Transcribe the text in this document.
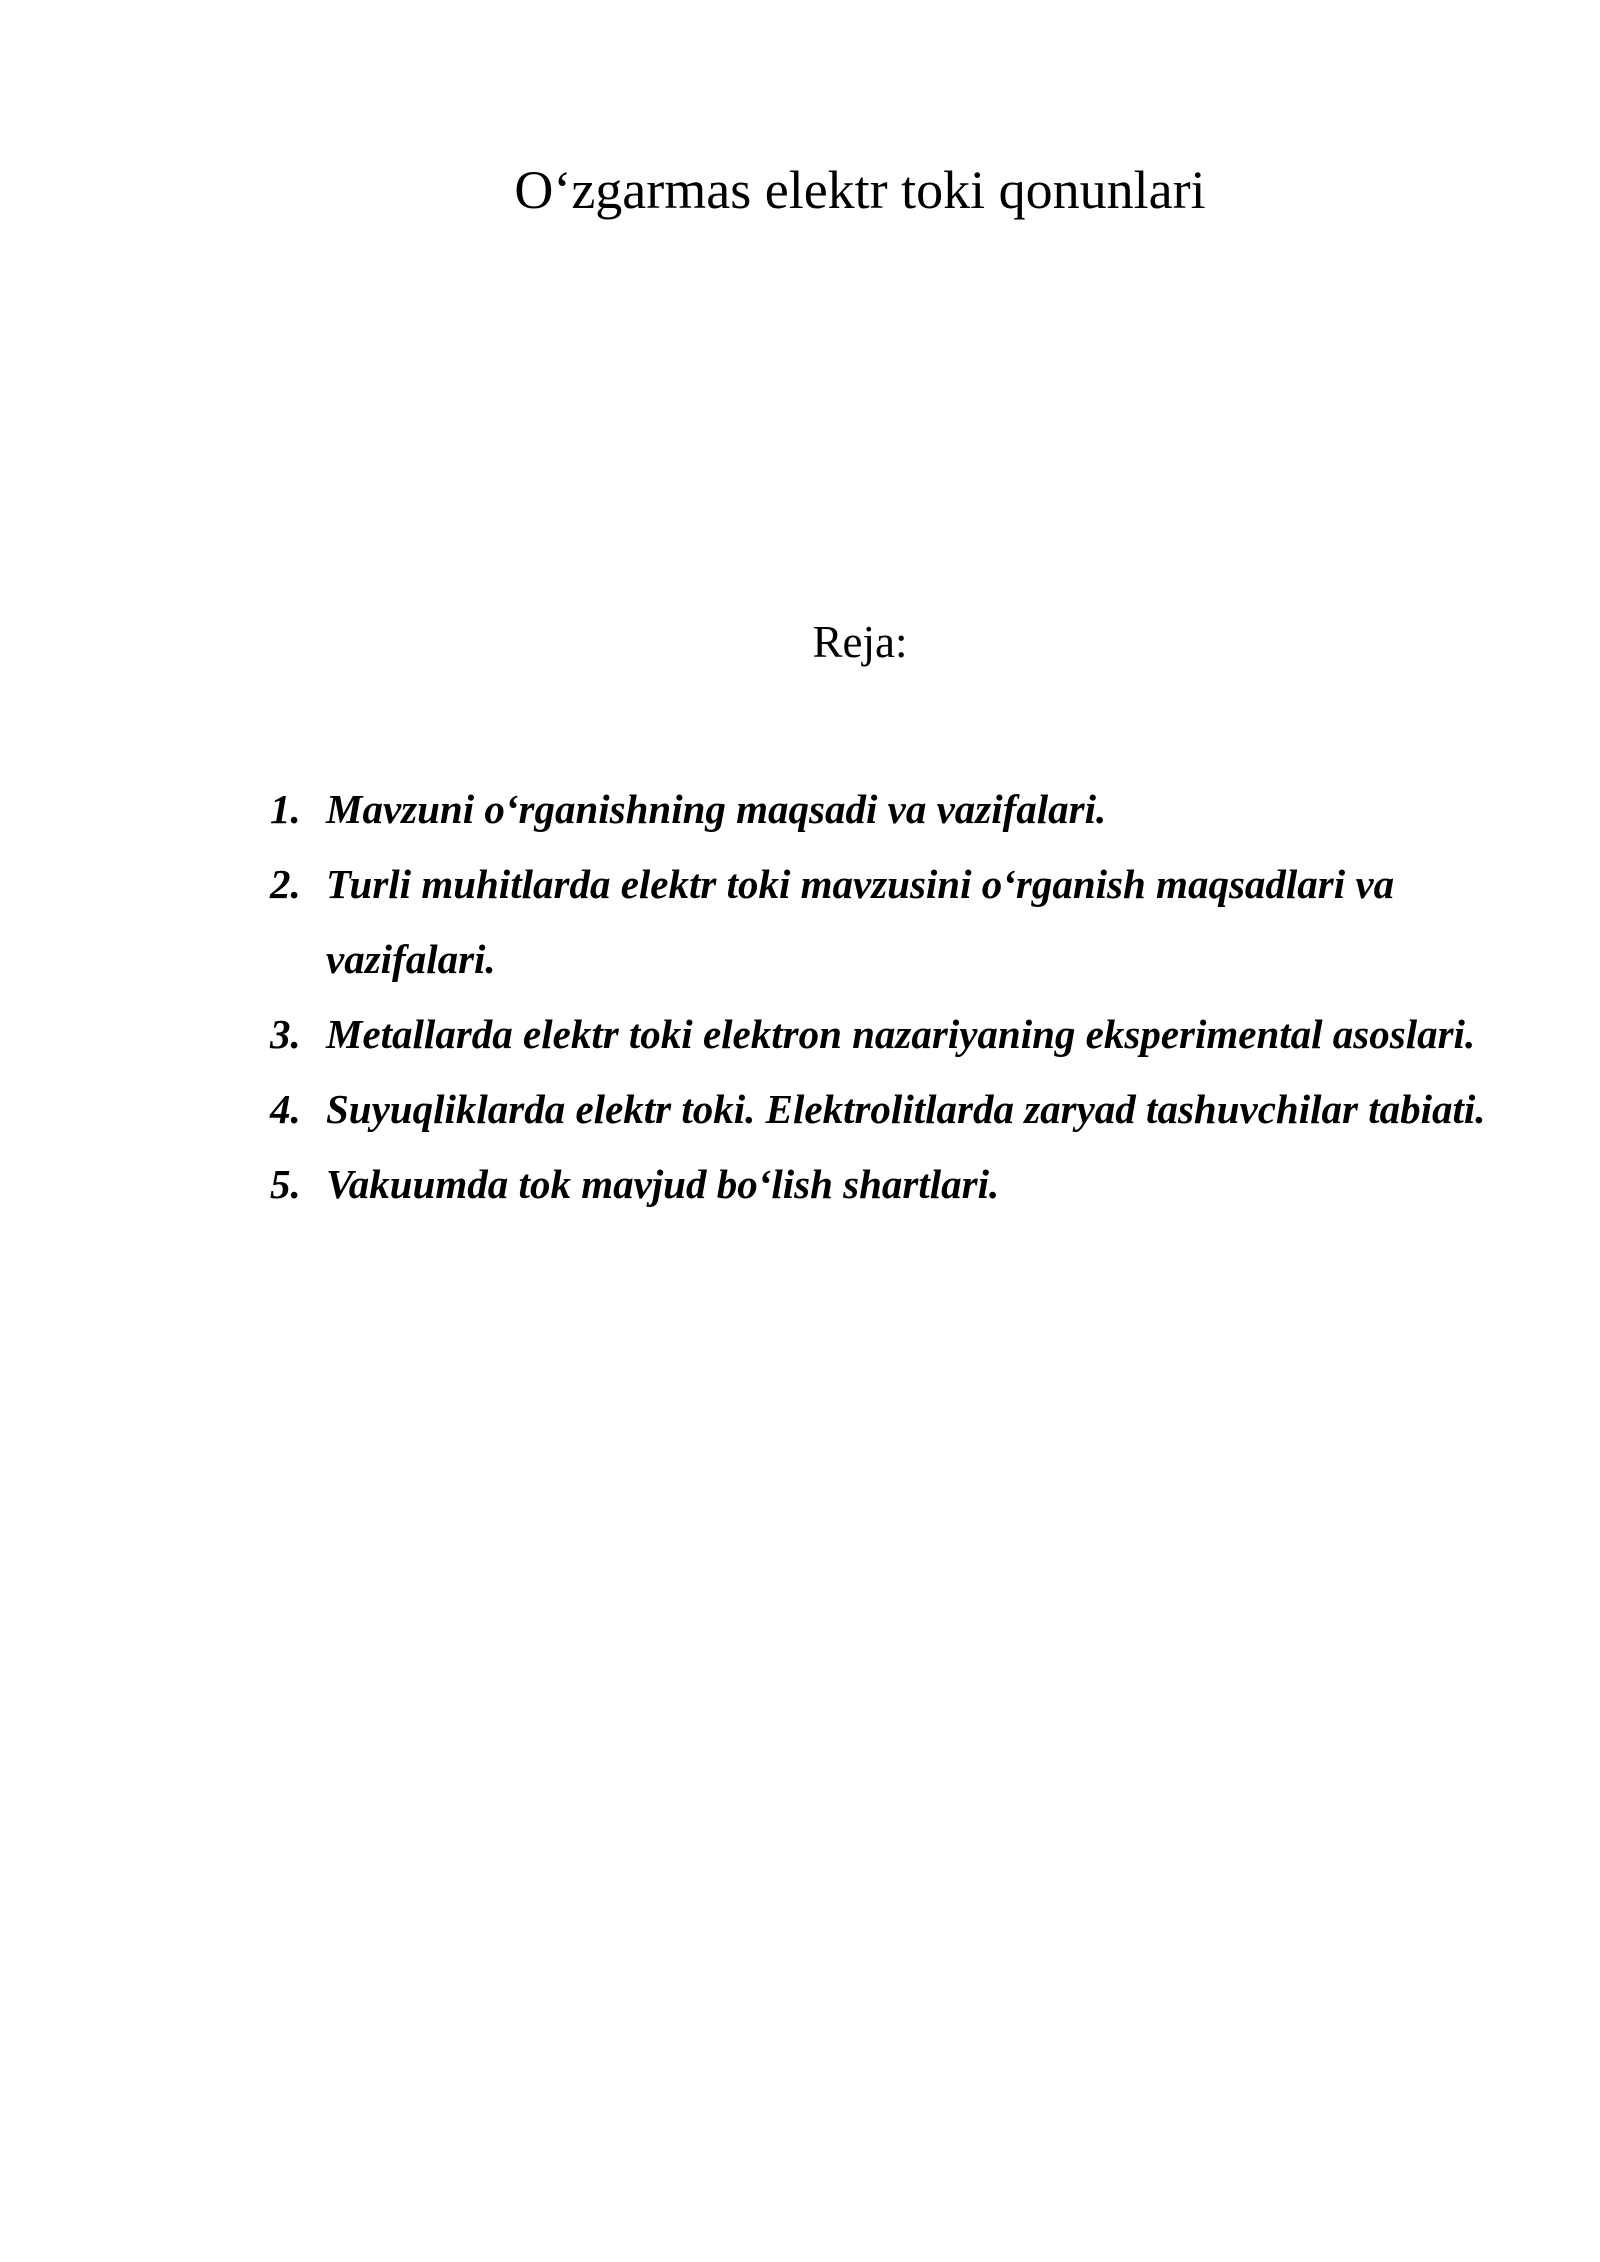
O‘zgarmas elektr toki qonunlari
Reja:
1. Mavzuni o‘rganishning maqsadi va vazifalari.
2. Turli muhitlarda elektr toki mavzusini o‘rganish maqsadlari va vazifalari.
3. Metallarda elektr toki elektron nazariyaning eksperimental asoslari.
4. Suyuqliklarda elektr toki. Elektrolitlarda zaryad tashuvchilar tabiati.
5. Vakuumda tok mavjud bo‘lish shartlari.
